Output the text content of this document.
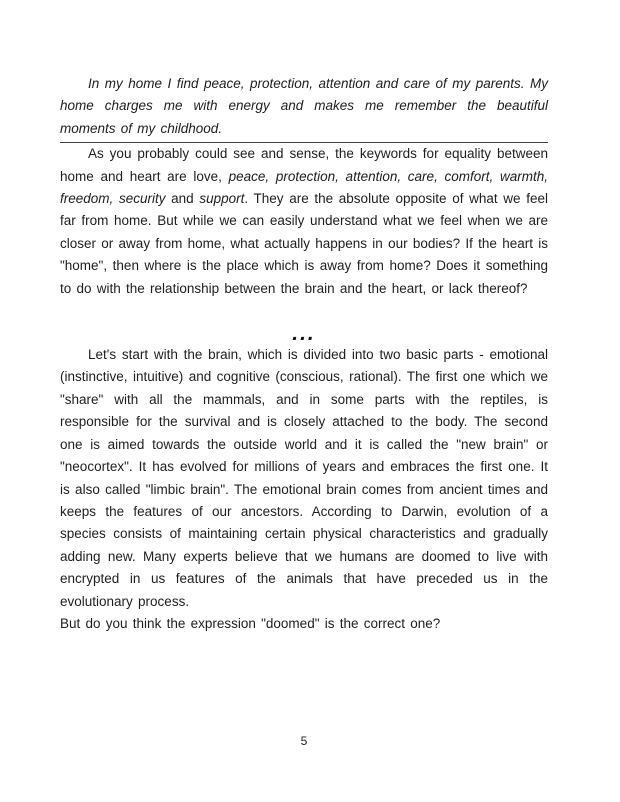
In my home I find peace, protection, attention and care of my parents. My home charges me with energy and makes me remember the beautiful moments of my childhood.

As you probably could see and sense, the keywords for equality between home and heart are love, peace, protection, attention, care, comfort, warmth, freedom, security and support. They are the absolute opposite of what we feel far from home. But while we can easily understand what we feel when we are closer or away from home, what actually happens in our bodies? If the heart is "home", then where is the place which is away from home? Does it something to do with the relationship between the brain and the heart, or lack thereof?

...

Let's start with the brain, which is divided into two basic parts - emotional (instinctive, intuitive) and cognitive (conscious, rational). The first one which we "share" with all the mammals, and in some parts with the reptiles, is responsible for the survival and is closely attached to the body. The second one is aimed towards the outside world and it is called the "new brain" or "neocortex". It has evolved for millions of years and embraces the first one. It is also called "limbic brain". The emotional brain comes from ancient times and keeps the features of our ancestors. According to Darwin, evolution of a species consists of maintaining certain physical characteristics and gradually adding new. Many experts believe that we humans are doomed to live with encrypted in us features of the animals that have preceded us in the evolutionary process.

But do you think the expression "doomed" is the correct one?

5
